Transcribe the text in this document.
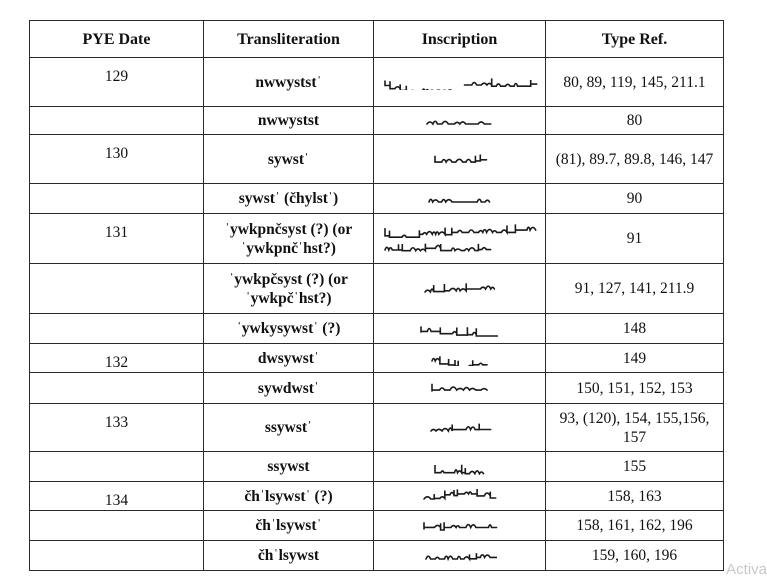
PYE Date	Transliteration	Inscription	Type Ref.
129	nwwyststˈ		80, 89, 119, 145, 211.1
	nwwystst		80
130	sywstˈ		(81), 89.7, 89.8, 146, 147
	sywstˈ (čhylstˈ)		90
131	ˈywkpnčsyst (?) (or ˈywkpnčˈhst?)		91
	ˈywkpčsyst (?) (or ˈywkpčˈhst?)		91, 127, 141, 211.9
	ˈywkysywstˈ (?)		148
132	dwsywstˈ		149
	sywdwstˈ		150, 151, 152, 153
133	ssywstˈ		93, (120), 154, 155,156, 157
	ssywst		155
134	čhˈlsywstˈ (?)		158, 163
	čhˈlsywstˈ		158, 161, 162, 196
	čhˈlsywst		159, 160, 196
Activa
